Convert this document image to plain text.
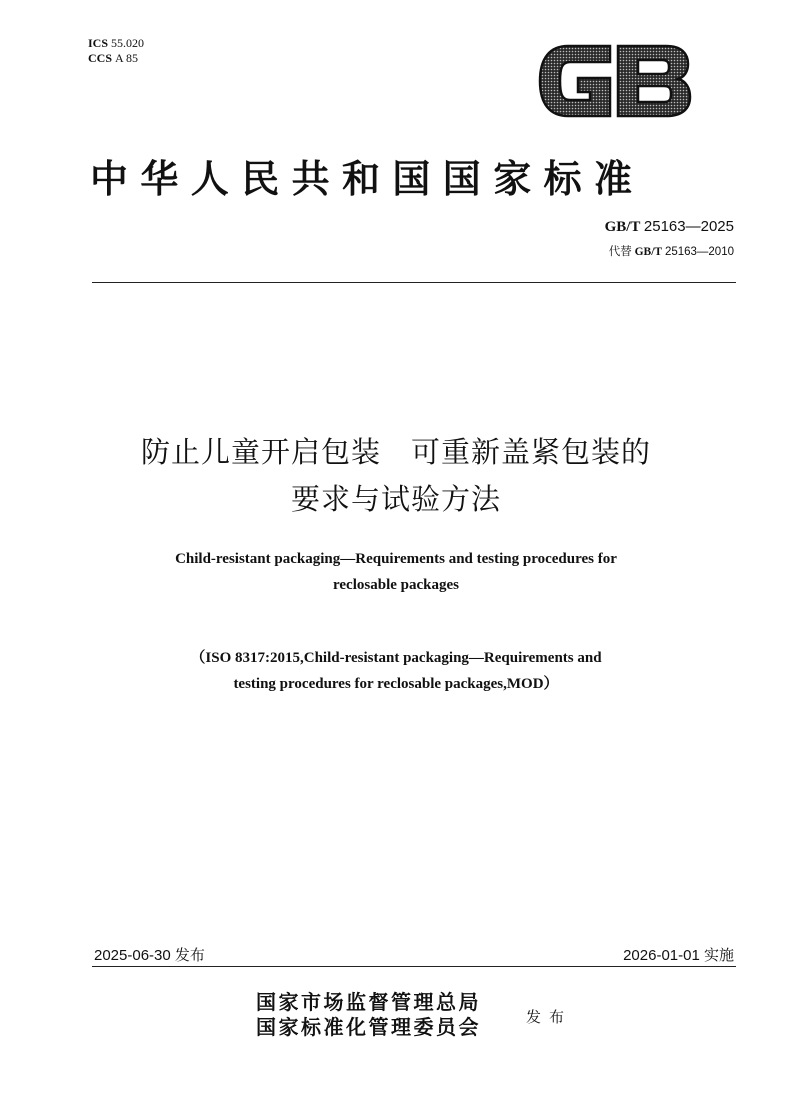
ICS 55.020
CCS A 85
中华人民共和国国家标准
GB/T 25163—2025
代替 GB/T 25163—2010
防止儿童开启包装　可重新盖紧包装的
要求与试验方法
Child-resistant packaging—Requirements and testing procedures for
reclosable packages
（ISO 8317:2015,Child-resistant packaging—Requirements and
testing procedures for reclosable packages,MOD）
2025-06-30 发布	2026-01-01 实施
国家市场监督管理总局
国家标准化管理委员会	发布
